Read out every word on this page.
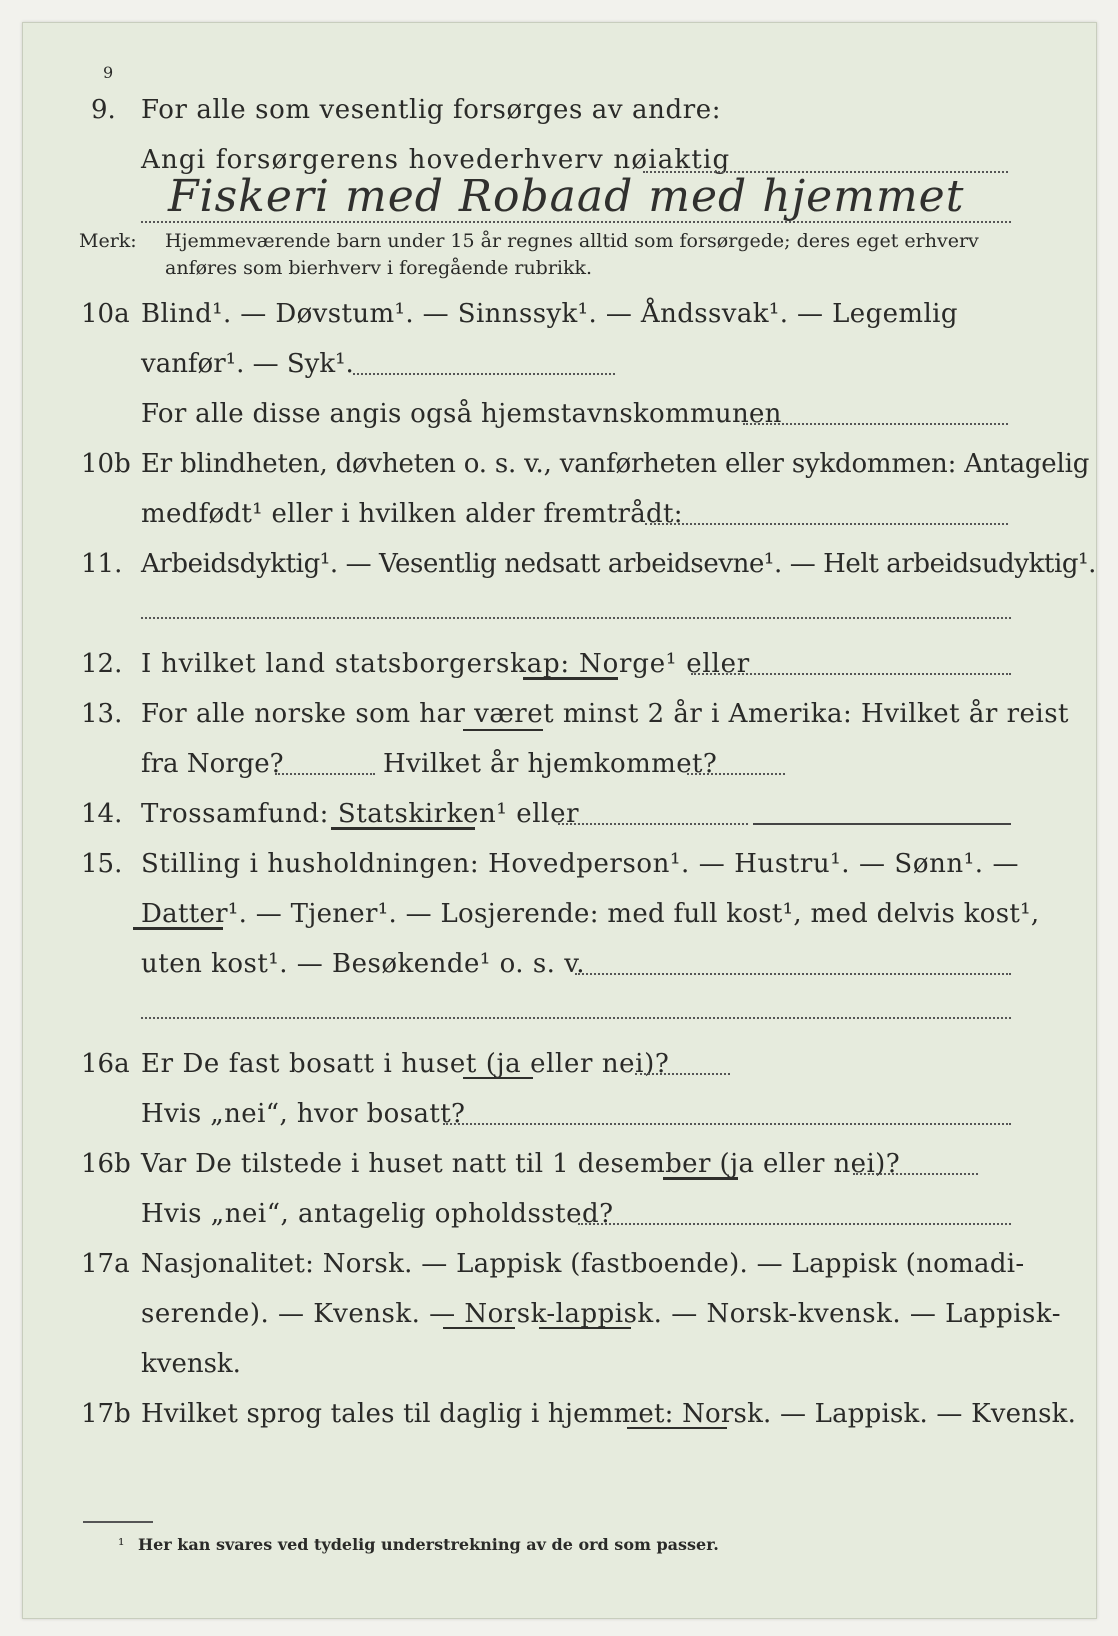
9
9. For alle som vesentlig forsørges av andre:
Angi forsørgerens hovederhverv nøiaktig
Fiskeri med Robaad med hjemmet
Merk: Hjemmeværende barn under 15 år regnes alltid som forsørgede; deres eget erhverv
anføres som bierhverv i foregående rubrikk.
10a Blind¹. — Døvstum¹. — Sinnssyk¹. — Åndssvak¹. — Legemlig
vanfør¹. — Syk¹.
For alle disse angis også hjemstavnskommunen
10b Er blindheten, døvheten o. s. v., vanførheten eller sykdommen: Antagelig
medfødt¹ eller i hvilken alder fremtrådt:
11. Arbeidsdyktig¹. — Vesentlig nedsatt arbeidsevne¹. — Helt arbeidsudyktig¹.
12. I hvilket land statsborgerskap: Norge¹ eller
13. For alle norske som har været minst 2 år i Amerika: Hvilket år reist
fra Norge?	Hvilket år hjemkommet?
14. Trossamfund: Statskirken¹ eller
15. Stilling i husholdningen: Hovedperson¹. — Hustru¹. — Sønn¹. —
Datter¹. — Tjener¹. — Losjerende: med full kost¹, med delvis kost¹,
uten kost¹. — Besøkende¹ o. s. v.
16a Er De fast bosatt i huset (ja eller nei)?
Hvis „nei“, hvor bosatt?
16b Var De tilstede i huset natt til 1 desember (ja eller nei)?
Hvis „nei“, antagelig opholdssted?
17a Nasjonalitet: Norsk. — Lappisk (fastboende). — Lappisk (nomadi-
serende). — Kvensk. — Norsk-lappisk. — Norsk-kvensk. — Lappisk-
kvensk.
17b Hvilket sprog tales til daglig i hjemmet: Norsk. — Lappisk. — Kvensk.
¹ Her kan svares ved tydelig understrekning av de ord som passer.
